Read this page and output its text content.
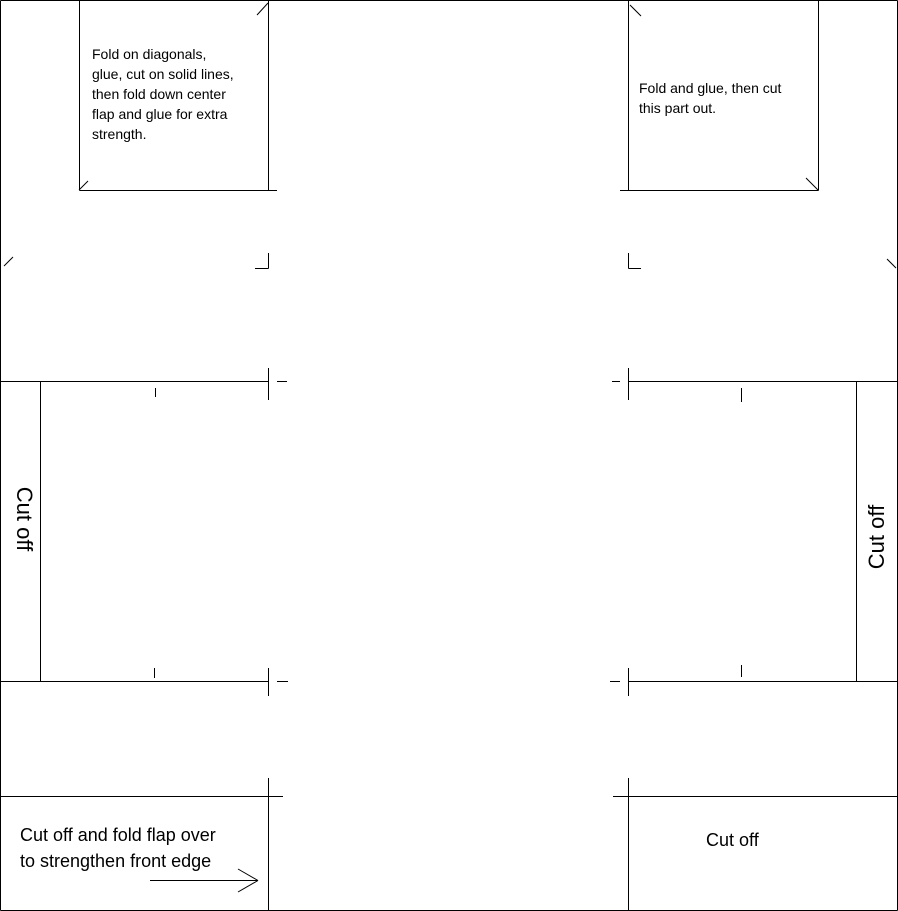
Fold on diagonals,
glue, cut on solid lines,
then fold down center
flap and glue for extra
strength.
Fold and glue, then cut
this part out.
Cut off and fold flap over
to strengthen front edge
Cut off
Cut off	Cut off
